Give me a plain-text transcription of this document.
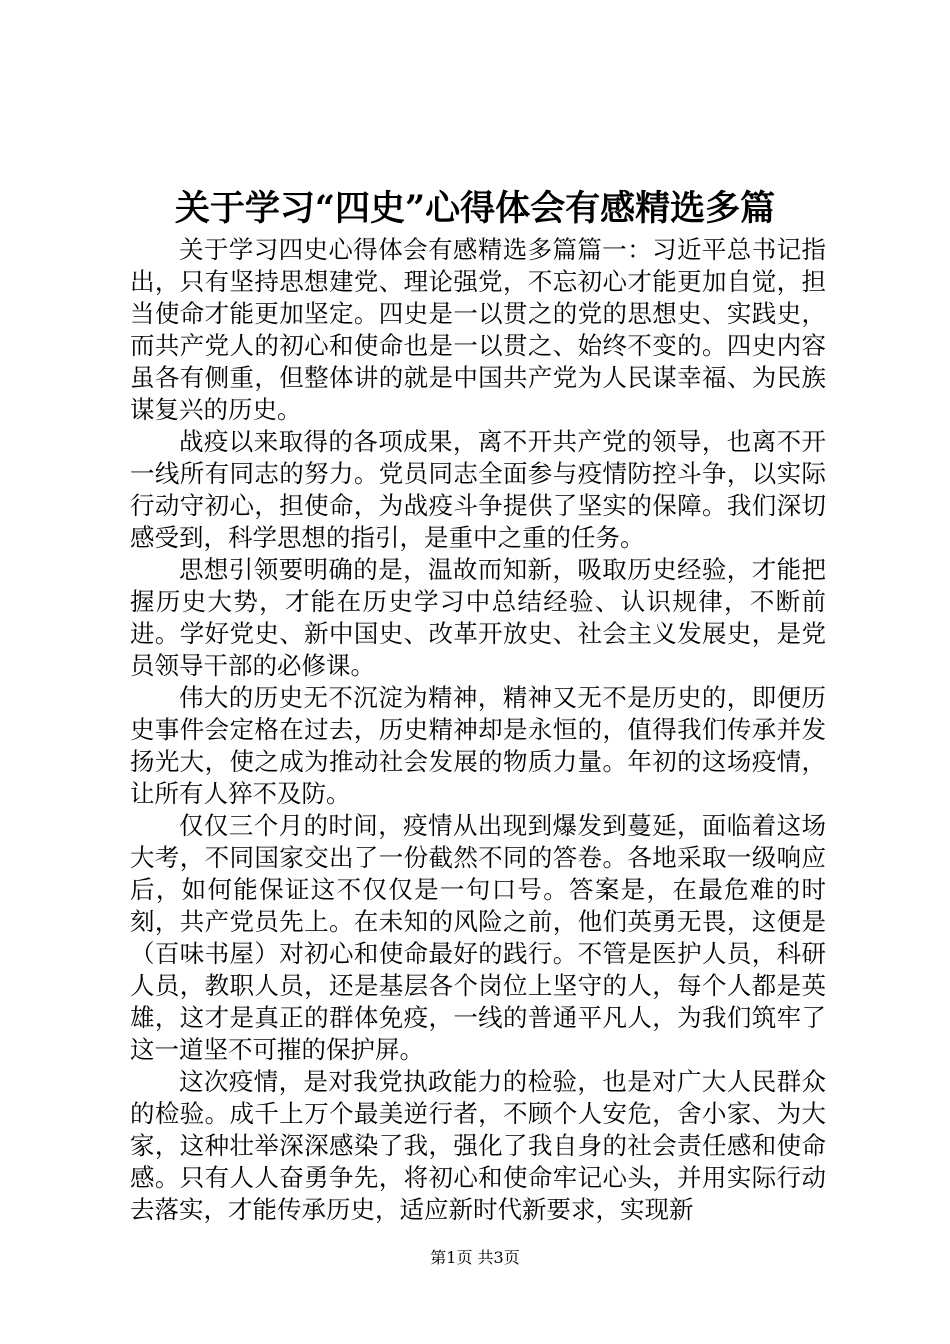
关于学习“四史”心得体会有感精选多篇

关于学习四史心得体会有感精选多篇篇一：习近平总书记指出，只有坚持思想建党、理论强党，不忘初心才能更加自觉，担当使命才能更加坚定。四史是一以贯之的党的思想史、实践史，而共产党人的初心和使命也是一以贯之、始终不变的。四史内容虽各有侧重，但整体讲的就是中国共产党为人民谋幸福、为民族谋复兴的历史。

战疫以来取得的各项成果，离不开共产党的领导，也离不开一线所有同志的努力。党员同志全面参与疫情防控斗争，以实际行动守初心，担使命，为战疫斗争提供了坚实的保障。我们深切感受到，科学思想的指引，是重中之重的任务。

思想引领要明确的是，温故而知新，吸取历史经验，才能把握历史大势，才能在历史学习中总结经验、认识规律，不断前进。学好党史、新中国史、改革开放史、社会主义发展史，是党员领导干部的必修课。

伟大的历史无不沉淀为精神，精神又无不是历史的，即便历史事件会定格在过去，历史精神却是永恒的，值得我们传承并发扬光大，使之成为推动社会发展的物质力量。年初的这场疫情，让所有人猝不及防。

仅仅三个月的时间，疫情从出现到爆发到蔓延，面临着这场大考，不同国家交出了一份截然不同的答卷。各地采取一级响应后，如何能保证这不仅仅是一句口号。答案是，在最危难的时刻，共产党员先上。在未知的风险之前，他们英勇无畏，这便是（百味书屋）对初心和使命最好的践行。不管是医护人员，科研人员，教职人员，还是基层各个岗位上坚守的人，每个人都是英雄，这才是真正的群体免疫，一线的普通平凡人，为我们筑牢了这一道坚不可摧的保护屏。

这次疫情，是对我党执政能力的检验，也是对广大人民群众的检验。成千上万个最美逆行者，不顾个人安危，舍小家、为大家，这种壮举深深感染了我，强化了我自身的社会责任感和使命感。只有人人奋勇争先，将初心和使命牢记心头，并用实际行动去落实，才能传承历史，适应新时代新要求，实现新

第1页 共3页
